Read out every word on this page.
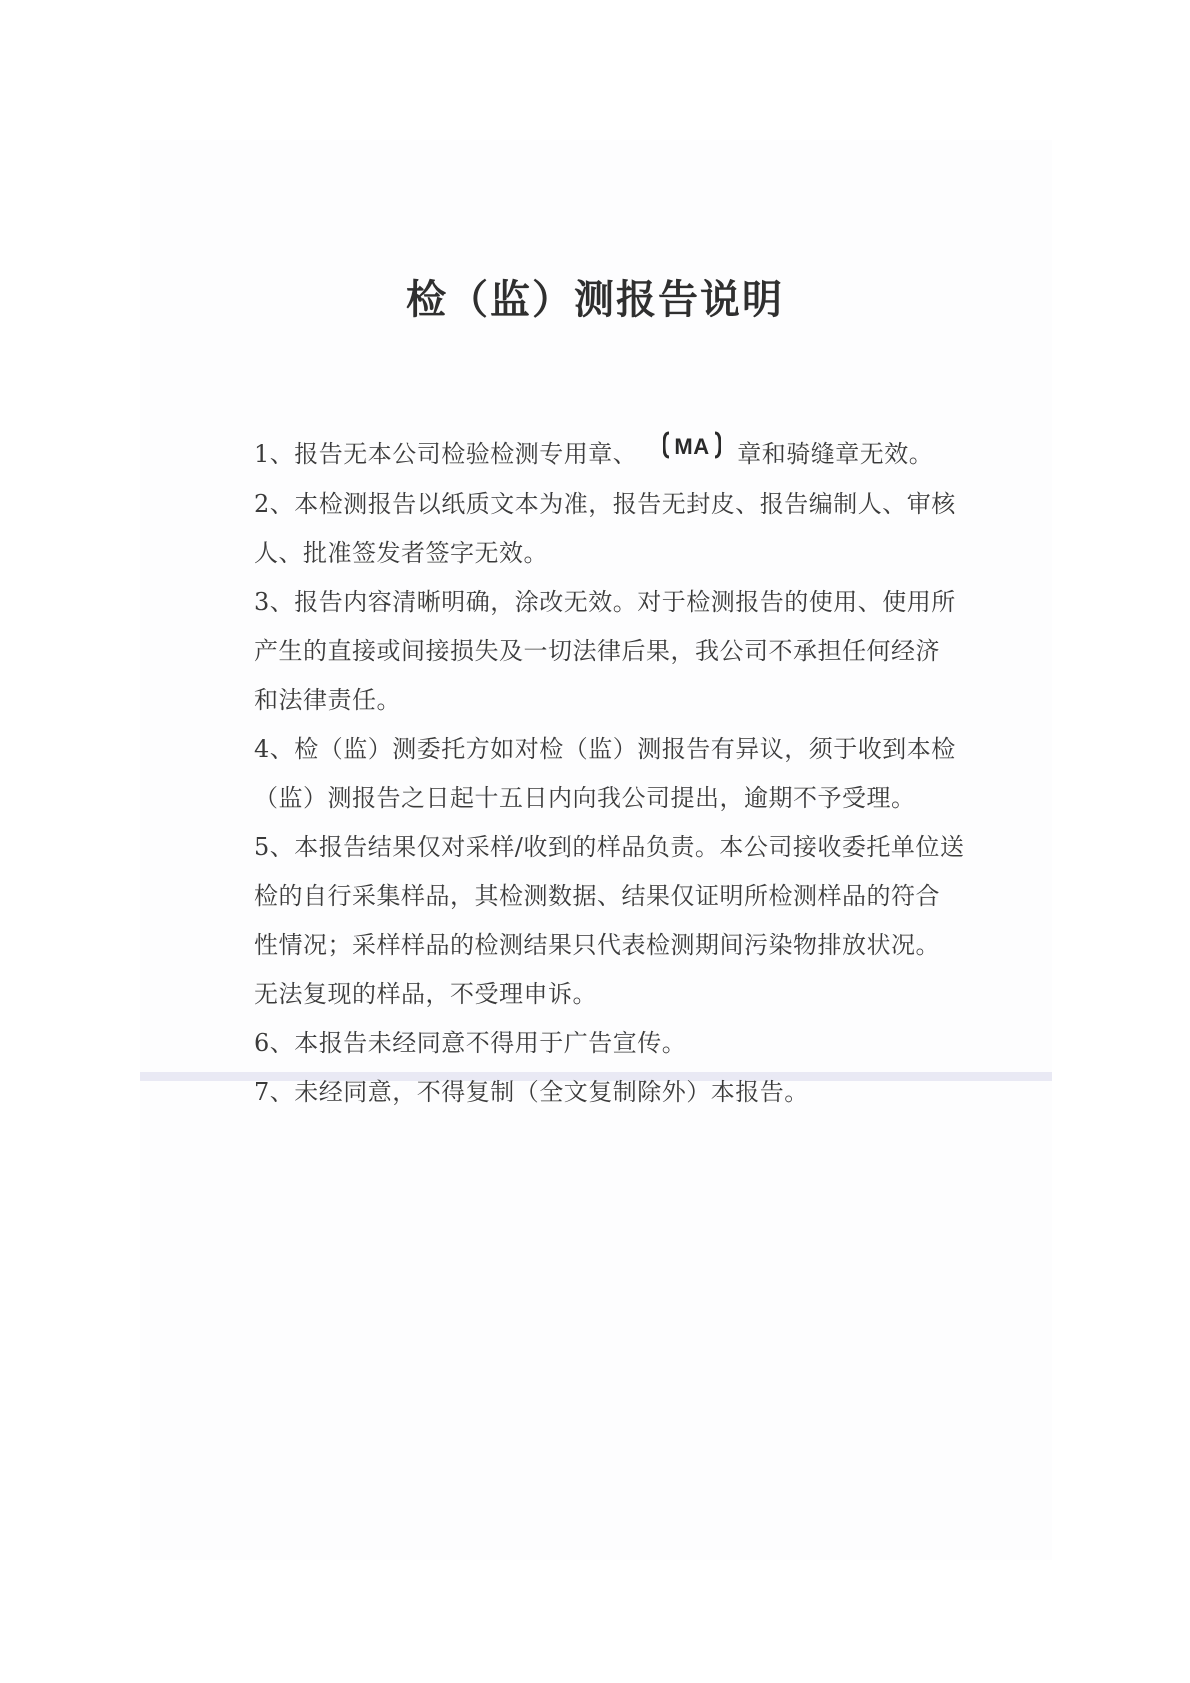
检（监）测报告说明

1、报告无本公司检验检测专用章、 MA 章和骑缝章无效。

2、本检测报告以纸质文本为准，报告无封皮、报告编制人、审核
人、批准签发者签字无效。

3、报告内容清晰明确，涂改无效。对于检测报告的使用、使用所
产生的直接或间接损失及一切法律后果，我公司不承担任何经济
和法律责任。

4、检（监）测委托方如对检（监）测报告有异议，须于收到本检
（监）测报告之日起十五日内向我公司提出，逾期不予受理。

5、本报告结果仅对采样/收到的样品负责。本公司接收委托单位送
检的自行采集样品，其检测数据、结果仅证明所检测样品的符合
性情况；采样样品的检测结果只代表检测期间污染物排放状况。
无法复现的样品，不受理申诉。

6、本报告未经同意不得用于广告宣传。

7、未经同意，不得复制（全文复制除外）本报告。
